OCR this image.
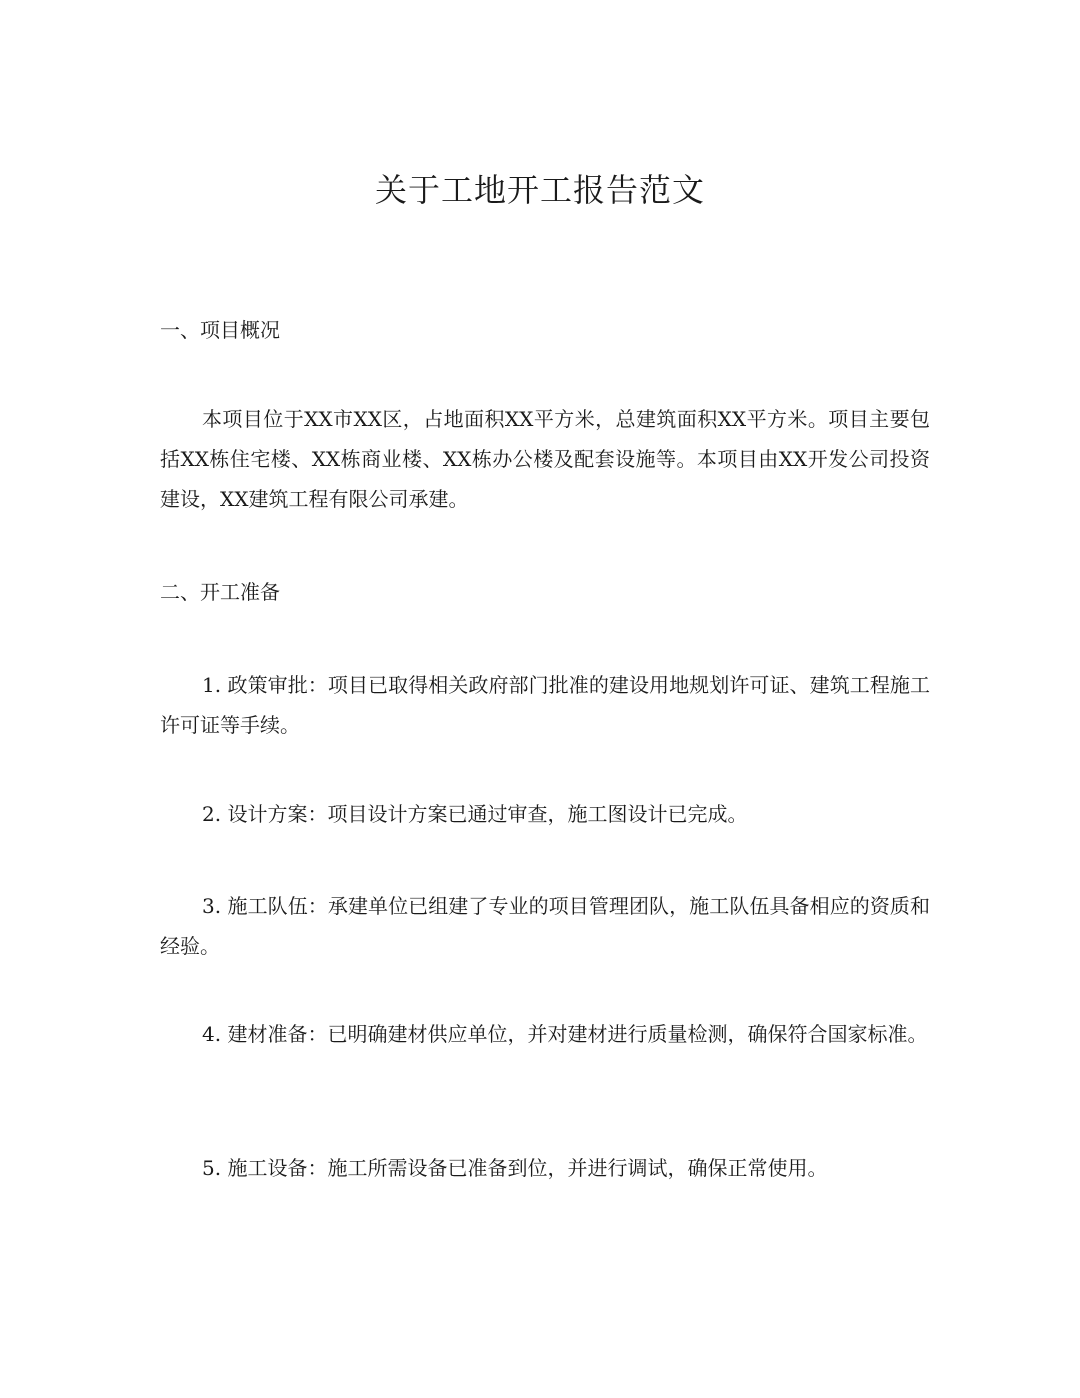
关于工地开工报告范文
一、项目概况

本项目位于XX市XX区，占地面积XX平方米，总建筑面积XX平方米。项目主要包括XX栋住宅楼、XX栋商业楼、XX栋办公楼及配套设施等。本项目由XX开发公司投资建设，XX建筑工程有限公司承建。

二、开工准备

1. 政策审批：项目已取得相关政府部门批准的建设用地规划许可证、建筑工程施工许可证等手续。

2. 设计方案：项目设计方案已通过审查，施工图设计已完成。

3. 施工队伍：承建单位已组建了专业的项目管理团队，施工队伍具备相应的资质和经验。

4. 建材准备：已明确建材供应单位，并对建材进行质量检测，确保符合国家标准。

5. 施工设备：施工所需设备已准备到位，并进行调试，确保正常使用。
